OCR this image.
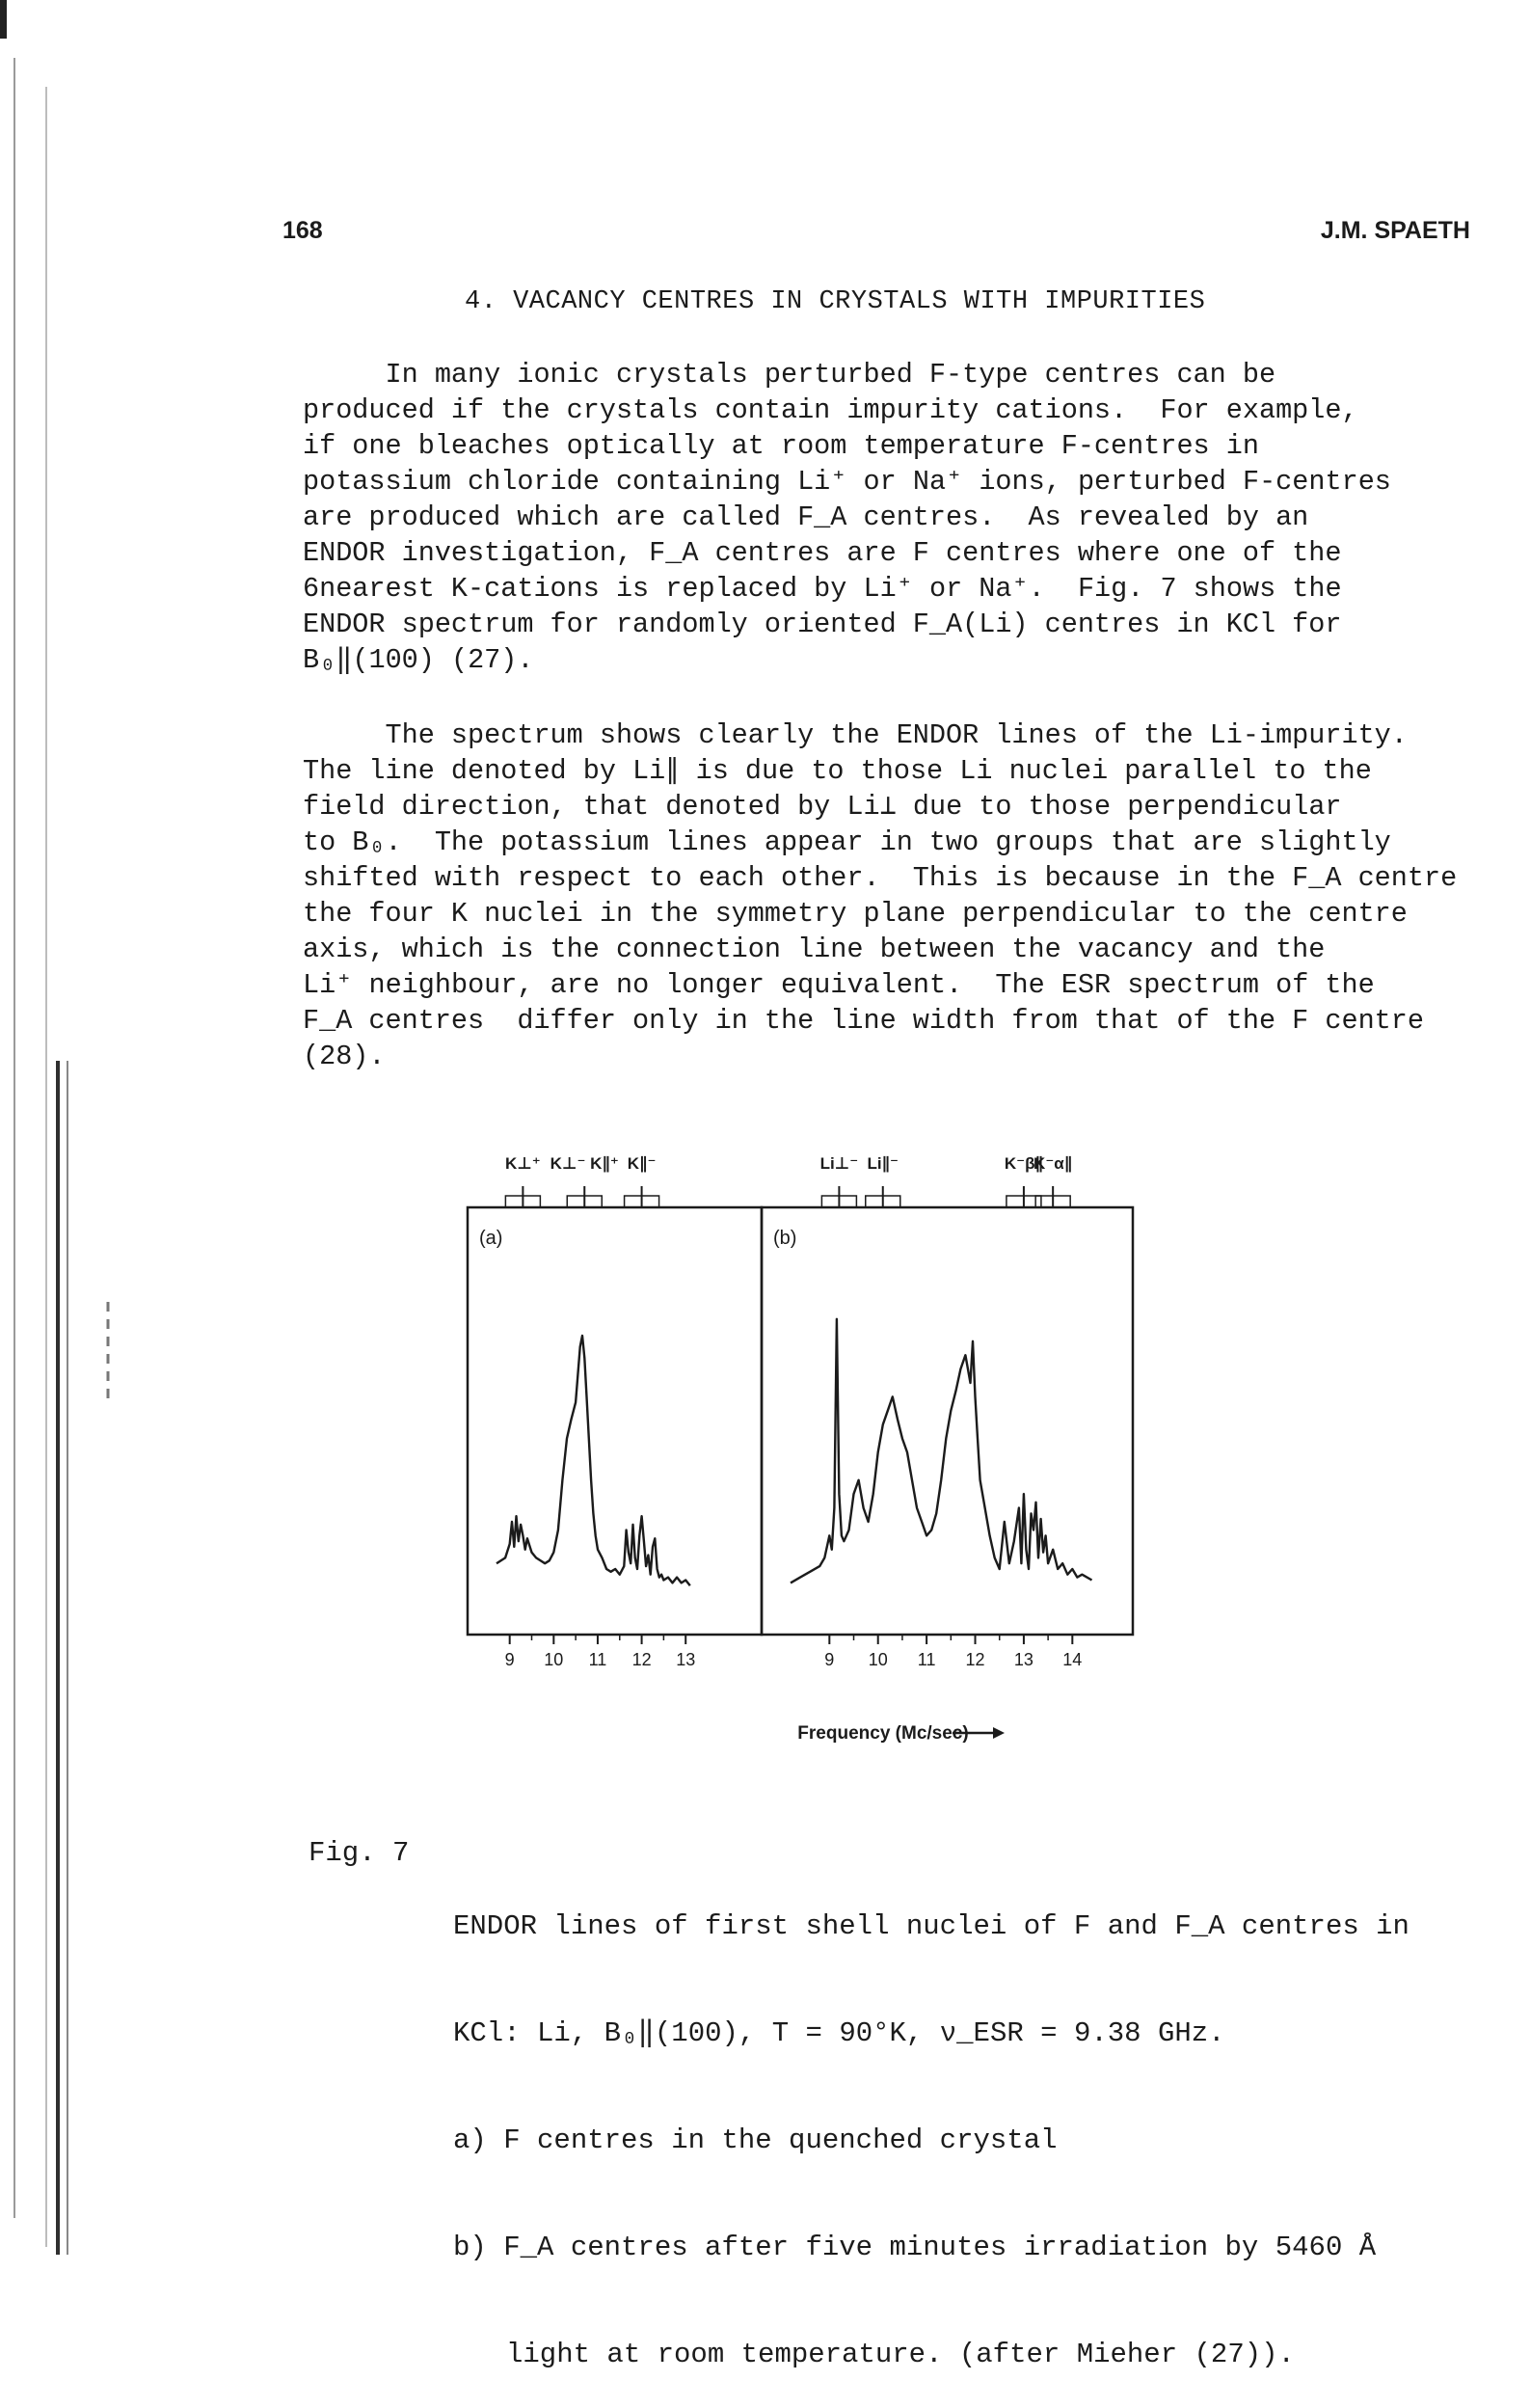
168	J.M. SPAETH
4. VACANCY CENTRES IN CRYSTALS WITH IMPURITIES
In many ionic crystals perturbed F-type centres can be
produced if the crystals contain impurity cations.  For example,
if one bleaches optically at room temperature F-centres in
potassium chloride containing Li⁺ or Na⁺ ions, perturbed F-centres
are produced which are called F_A centres.  As revealed by an
ENDOR investigation, F_A centres are F centres where one of the
6nearest K-cations is replaced by Li⁺ or Na⁺.  Fig. 7 shows the
ENDOR spectrum for randomly oriented F_A(Li) centres in KCl for
B₀‖(100) (27).
The spectrum shows clearly the ENDOR lines of the Li-impurity.
The line denoted by Li∥ is due to those Li nuclei parallel to the
field direction, that denoted by Li⊥ due to those perpendicular
to B₀.  The potassium lines appear in two groups that are slightly
shifted with respect to each other.  This is because in the F_A centre
the four K nuclei in the symmetry plane perpendicular to the centre
axis, which is the connection line between the vacancy and the
Li⁺ neighbour, are no longer equivalent.  The ESR spectrum of the
F_A centres  differ only in the line width from that of the F centre
(28).
(a)
9 10 11 12 13
K⊥⁺ K⊥⁻ K∥⁺ K∥⁻
(b)
9 10 11 12 13 14
Li⊥⁻ Li∥⁻	K⁻β∥
K⁻α∥
Frequency (Mc/sec)
Fig. 7

ENDOR lines of first shell nuclei of F and F_A centres in

KCl: Li, B₀‖(100), T = 90°K, ν_ESR = 9.38 GHz.

a) F centres in the quenched crystal

b) F_A centres after five minutes irradiation by 5460 Å

light at room temperature. (after Mieher (27)).
